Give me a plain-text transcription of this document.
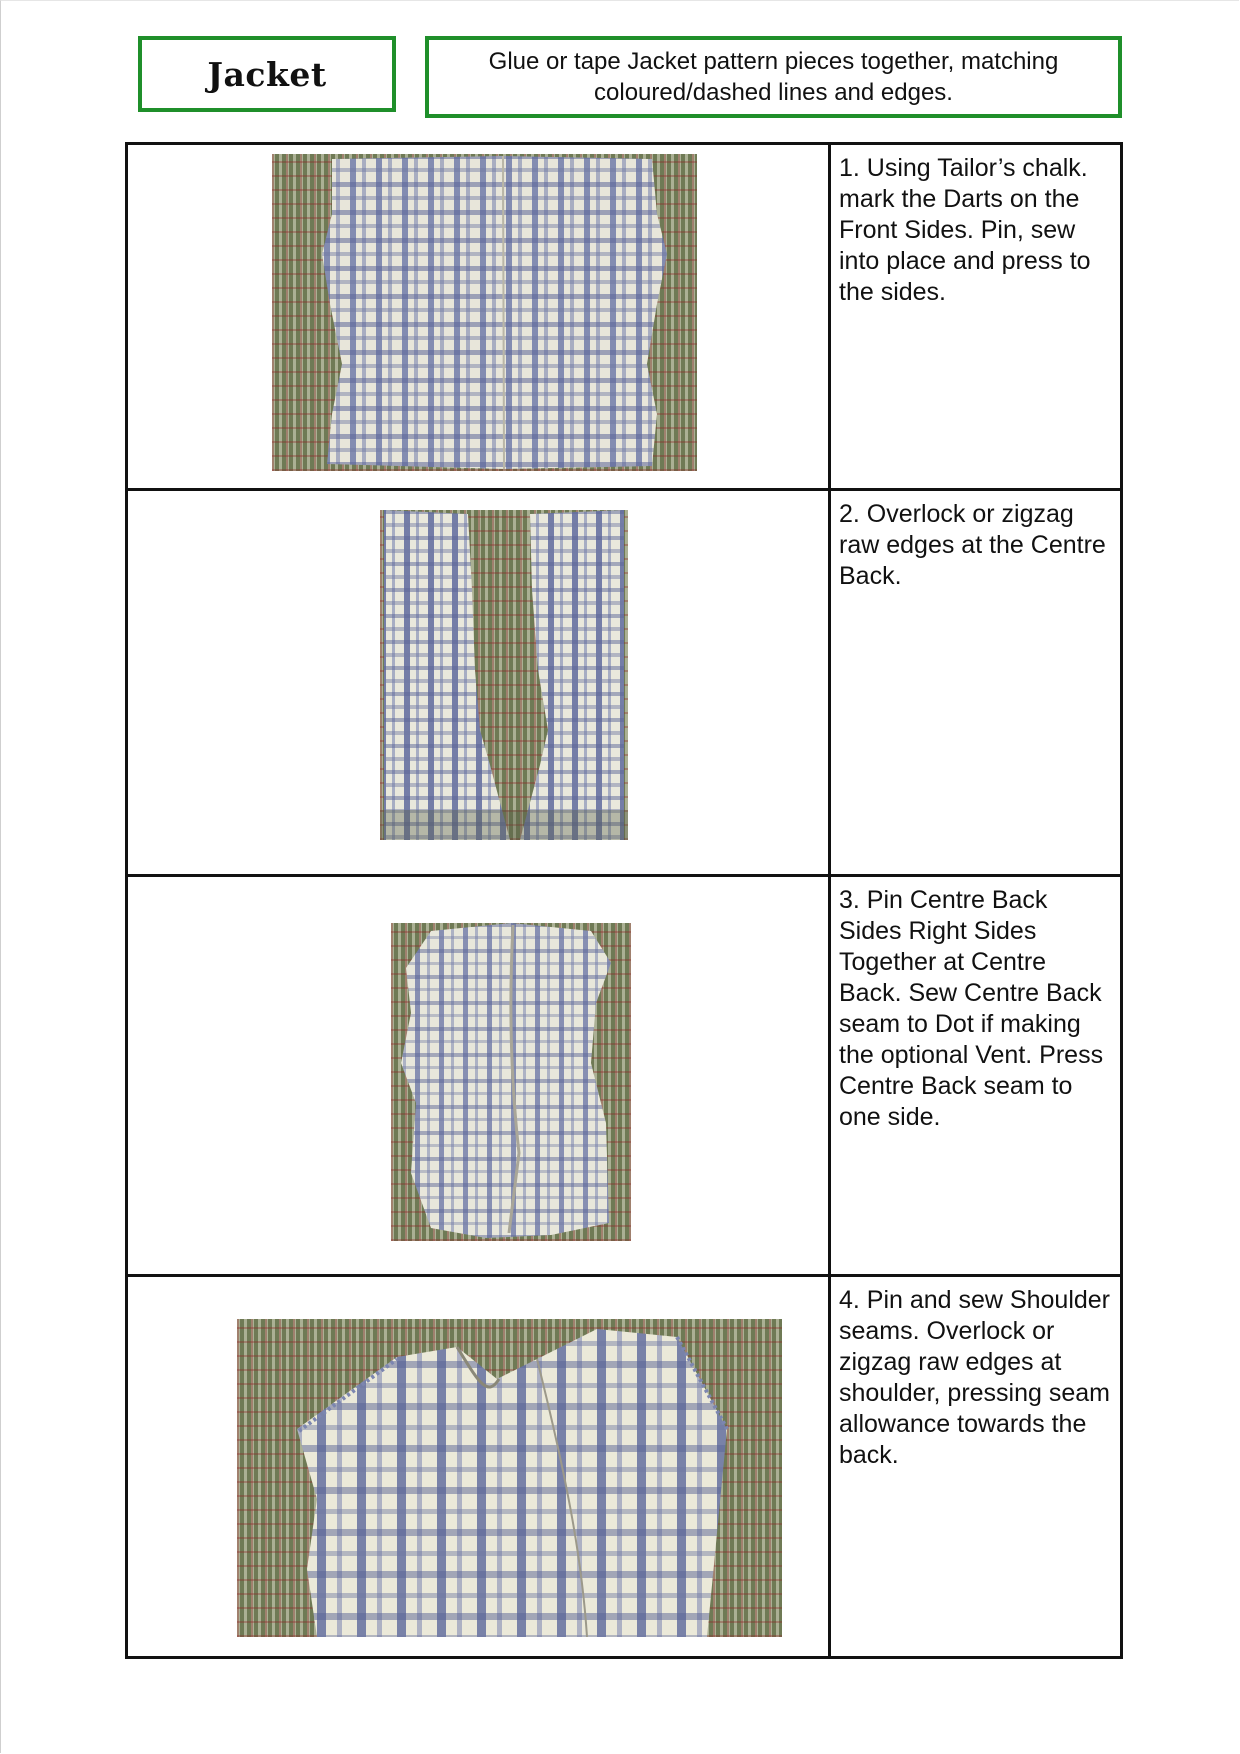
Jacket	Glue or tape Jacket pattern pieces together, matching coloured/dashed lines and edges.
	1. Using Tailor’s chalk. mark the Darts on the Front Sides. Pin, sew into place and press to the sides.

	2. Overlock or zigzag raw edges at the Centre Back.

	3. Pin Centre Back Sides Right Sides Together at Centre Back. Sew Centre Back seam to Dot if making the optional Vent. Press Centre Back seam to one side.

	4. Pin and sew Shoulder seams. Overlock or zigzag raw edges at shoulder, pressing seam allowance towards the back.
